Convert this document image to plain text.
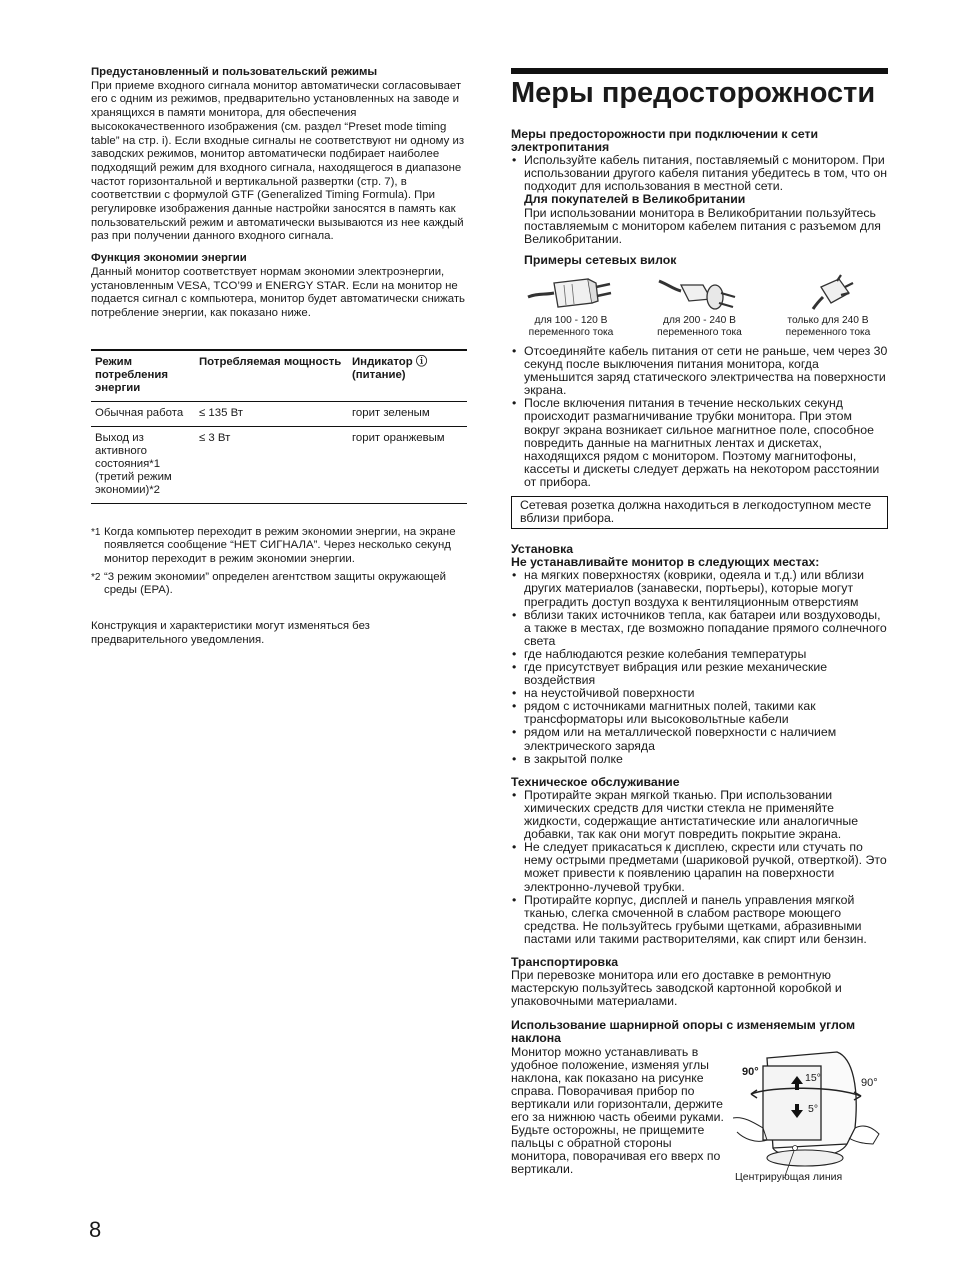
Предустановленный и пользовательский режимы

При приеме входного сигнала монитор автоматически согласовывает его с одним из режимов, предварительно установленных на заводе и хранящихся в памяти монитора, для обеспечения высококачественного изображения (см. раздел “Preset mode timing table” на стр. i). Если входные сигналы не соответствуют ни одному из заводских режимов, монитор автоматически подбирает наиболее подходящий режим для входного сигнала, находящегося в диапазоне частот горизонтальной и вертикальной развертки (стр. 7), в соответствии с формулой GTF (Generalized Timing Formula). При регулировке изображения данные настройки заносятся в память как пользовательский режим и автоматически вызываются из нее каждый раз при получении данного входного сигнала.

Функция экономии энергии

Данный монитор соответствует нормам экономии электроэнергии, установленным VESA, TCO’99 и ENERGY STAR. Если на монитор не подается сигнал с компьютера, монитор будет автоматически снижать потребление энергии, как показано ниже.

Режим потребления энергии	Потребляемая мощность	Индикатор ⓘ (питание)
Обычная работа	≤ 135 Вт	горит зеленым
Выход из активного состояния*1 (третий режим экономии)*2	≤ 3 Вт	горит оранжевым
*1 Когда компьютер переходит в режим экономии энергии, на экране появляется сообщение “НЕТ СИГНАЛА”. Через несколько секунд монитор переходит в режим экономии энергии.
*2 “3 режим экономии” определен агентством защиты окружающей среды (EPA).

Конструкция и характеристики могут изменяться без предварительного уведомления.

Меры предосторожности

Меры предосторожности при подключении к сети электропитания

• Используйте кабель питания, поставляемый с монитором. При использовании другого кабеля питания убедитесь в том, что он подходит для использования в местной сети.

Для покупателей в Великобритании

При использовании монитора в Великобритании пользуйтесь поставляемым с монитором кабелем питания с разъемом для Великобритании.

Примеры сетевых вилок

для 100 - 120 В
переменного тока
для 200 - 240 В
переменного тока
только для 240 В
переменного тока
• Отсоединяйте кабель питания от сети не раньше, чем через 30 секунд после выключения питания монитора, когда уменьшится заряд статического электричества на поверхности экрана.
• После включения питания в течение нескольких секунд происходит размагничивание трубки монитора. При этом вокруг экрана возникает сильное магнитное поле, способное повредить данные на магнитных лентах и дискетах, находящихся рядом с монитором. Поэтому магнитофоны, кассеты и дискеты следует держать на некотором расстоянии от прибора.
Сетевая розетка должна находиться в легкодоступном месте вблизи прибора.

Установка

Не устанавливайте монитор в следующих местах:

• на мягких поверхностях (коврики, одеяла и т.д.) или вблизи других материалов (занавески, портьеры), которые могут преградить доступ воздуха к вентиляционным отверстиям
• вблизи таких источников тепла, как батареи или воздуховоды, а также в местах, где возможно попадание прямого солнечного света
• где наблюдаются резкие колебания температуры
• где присутствует вибрация или резкие механические воздействия
• на неустойчивой поверхности
• рядом с источниками магнитных полей, такими как трансформаторы или высоковольтные кабели
• рядом или на металлической поверхности с наличием электрического заряда
• в закрытой полке

Техническое обслуживание

• Протирайте экран мягкой тканью. При использовании химических средств для чистки стекла не применяйте жидкости, содержащие антистатические или аналогичные добавки, так как они могут повредить покрытие экрана.
• Не следует прикасаться к дисплею, скрести или стучать по нему острыми предметами (шариковой ручкой, отверткой). Это может привести к появлению царапин на поверхности электронно-лучевой трубки.
• Протирайте корпус, дисплей и панель управления мягкой тканью, слегка смоченной в слабом растворе моющего средства. Не пользуйтесь грубыми щетками, абразивными пастами или такими растворителями, как спирт или бензин.

Транспортировка

При перевозке монитора или его доставке в ремонтную мастерскую пользуйтесь заводской картонной коробкой и упаковочными материалами.

Использование шарнирной опоры с изменяемым углом наклона

Монитор можно устанавливать в удобное положение, изменяя углы наклона, как показано на рисунке справа. Поворачивая прибор по вертикали или горизонтали, держите его за нижнюю часть обеими руками. Будьте осторожны, не прищемите пальцы с обратной стороны монитора, поворачивая его вверх по вертикали.

90°
90°
15°
5°
Центрирующая линия
8
